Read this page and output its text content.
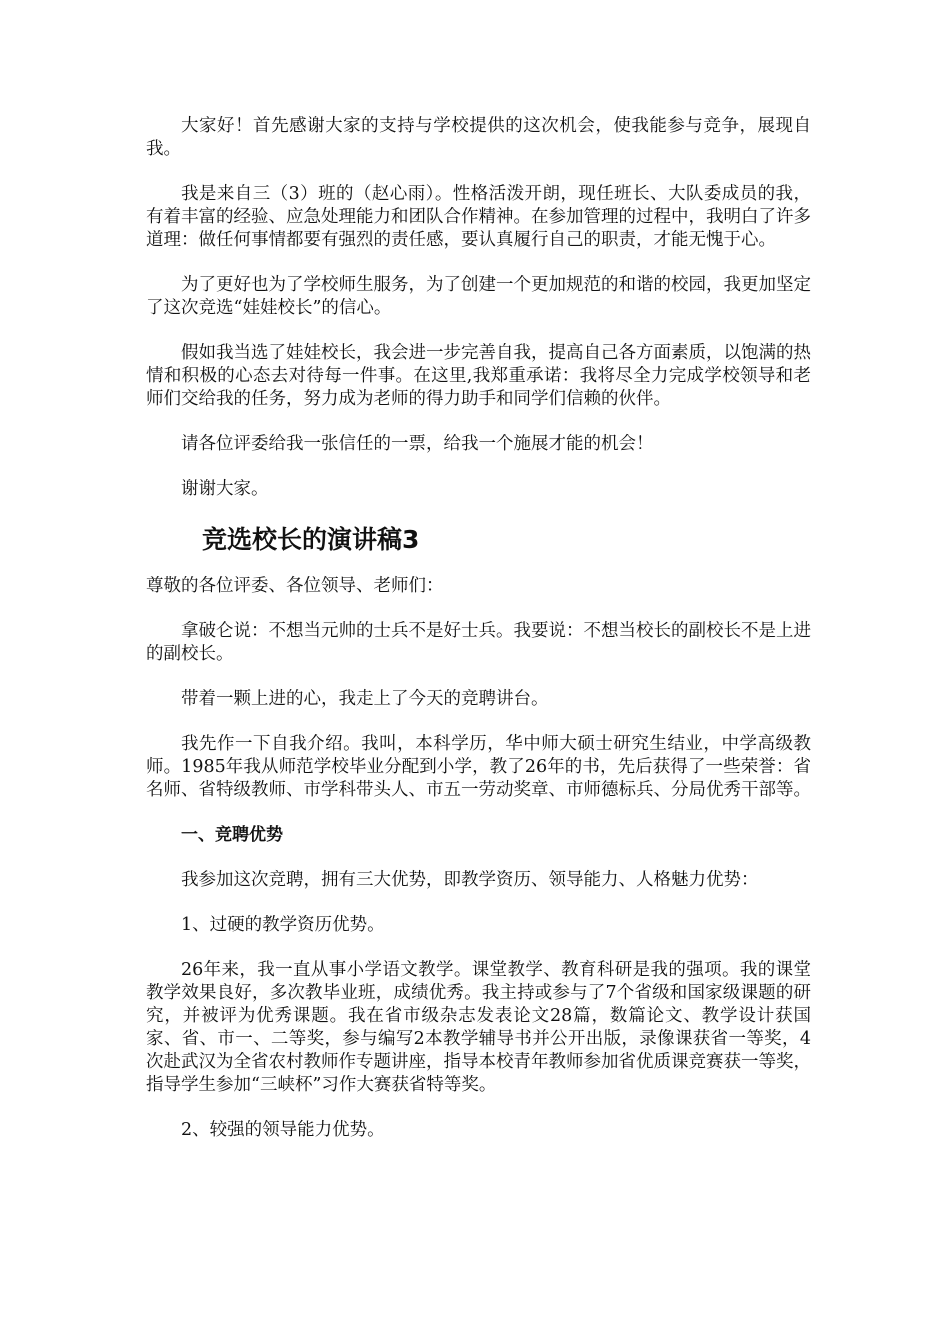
大家好！首先感谢大家的支持与学校提供的这次机会，使我能参与竞争，展现自我。

我是来自三（3）班的（赵心雨）。性格活泼开朗，现任班长、大队委成员的我，有着丰富的经验、应急处理能力和团队合作精神。在参加管理的过程中，我明白了许多道理：做任何事情都要有强烈的责任感，要认真履行自己的职责，才能无愧于心。

为了更好也为了学校师生服务，为了创建一个更加规范的和谐的校园，我更加坚定了这次竞选“娃娃校长”的信心。

假如我当选了娃娃校长，我会进一步完善自我，提高自己各方面素质，以饱满的热情和积极的心态去对待每一件事。在这里,我郑重承诺：我将尽全力完成学校领导和老师们交给我的任务，努力成为老师的得力助手和同学们信赖的伙伴。

请各位评委给我一张信任的一票，给我一个施展才能的机会！

谢谢大家。

竞选校长的演讲稿3

尊敬的各位评委、各位领导、老师们：

拿破仑说：不想当元帅的士兵不是好士兵。我要说：不想当校长的副校长不是上进的副校长。

带着一颗上进的心，我走上了今天的竞聘讲台。

我先作一下自我介绍。我叫，本科学历，华中师大硕士研究生结业，中学高级教师。1985年我从师范学校毕业分配到小学，教了26年的书，先后获得了一些荣誉：省名师、省特级教师、市学科带头人、市五一劳动奖章、市师德标兵、分局优秀干部等。

一、竞聘优势

我参加这次竞聘，拥有三大优势，即教学资历、领导能力、人格魅力优势：

1、过硬的教学资历优势。

26年来，我一直从事小学语文教学。课堂教学、教育科研是我的强项。我的课堂教学效果良好，多次教毕业班，成绩优秀。我主持或参与了7个省级和国家级课题的研究，并被评为优秀课题。我在省市级杂志发表论文28篇，数篇论文、教学设计获国家、省、市一、二等奖，参与编写2本教学辅导书并公开出版，录像课获省一等奖，4次赴武汉为全省农村教师作专题讲座，指导本校青年教师参加省优质课竞赛获一等奖，指导学生参加“三峡杯”习作大赛获省特等奖。

2、较强的领导能力优势。
